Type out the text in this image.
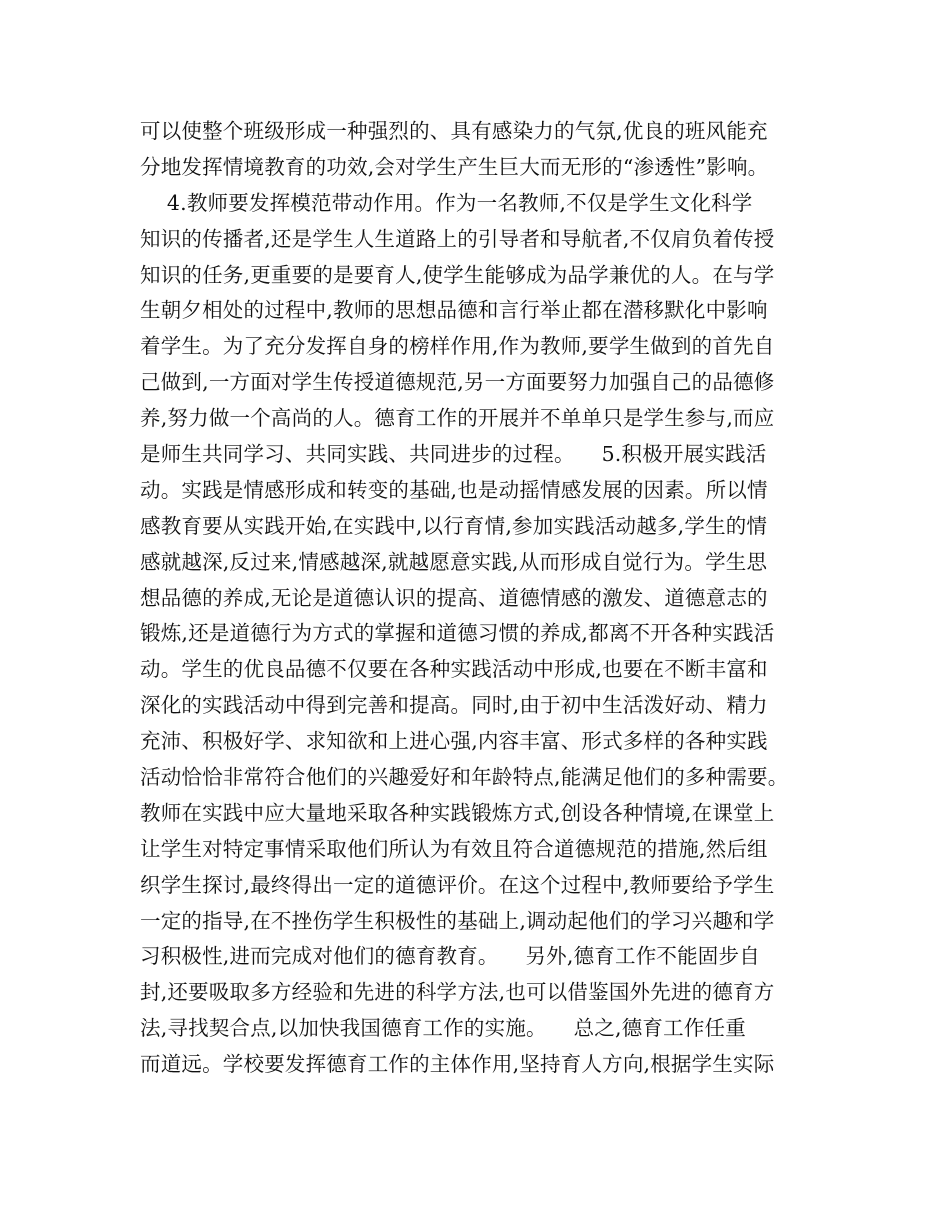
可以使整个班级形成一种强烈的、具有感染力的气氛,优良的班风能充
分地发挥情境教育的功效,会对学生产生巨大而无形的“渗透性”影响。
4.教师要发挥模范带动作用。作为一名教师,不仅是学生文化科学
知识的传播者,还是学生人生道路上的引导者和导航者,不仅肩负着传授
知识的任务,更重要的是要育人,使学生能够成为品学兼优的人。在与学
生朝夕相处的过程中,教师的思想品德和言行举止都在潜移默化中影响
着学生。为了充分发挥自身的榜样作用,作为教师,要学生做到的首先自
己做到,一方面对学生传授道德规范,另一方面要努力加强自己的品德修
养,努力做一个高尚的人。德育工作的开展并不单单只是学生参与,而应
是师生共同学习、共同实践、共同进步的过程。    5.积极开展实践活
动。实践是情感形成和转变的基础,也是动摇情感发展的因素。所以情
感教育要从实践开始,在实践中,以行育情,参加实践活动越多,学生的情
感就越深,反过来,情感越深,就越愿意实践,从而形成自觉行为。学生思
想品德的养成,无论是道德认识的提高、道德情感的激发、道德意志的
锻炼,还是道德行为方式的掌握和道德习惯的养成,都离不开各种实践活
动。学生的优良品德不仅要在各种实践活动中形成,也要在不断丰富和
深化的实践活动中得到完善和提高。同时,由于初中生活泼好动、精力
充沛、积极好学、求知欲和上进心强,内容丰富、形式多样的各种实践
活动恰恰非常符合他们的兴趣爱好和年龄特点,能满足他们的多种需要。
教师在实践中应大量地采取各种实践锻炼方式,创设各种情境,在课堂上
让学生对特定事情采取他们所认为有效且符合道德规范的措施,然后组
织学生探讨,最终得出一定的道德评价。在这个过程中,教师要给予学生
一定的指导,在不挫伤学生积极性的基础上,调动起他们的学习兴趣和学
习积极性,进而完成对他们的德育教育。    另外,德育工作不能固步自
封,还要吸取多方经验和先进的科学方法,也可以借鉴国外先进的德育方
法,寻找契合点,以加快我国德育工作的实施。    总之,德育工作任重
而道远。学校要发挥德育工作的主体作用,坚持育人方向,根据学生实际
